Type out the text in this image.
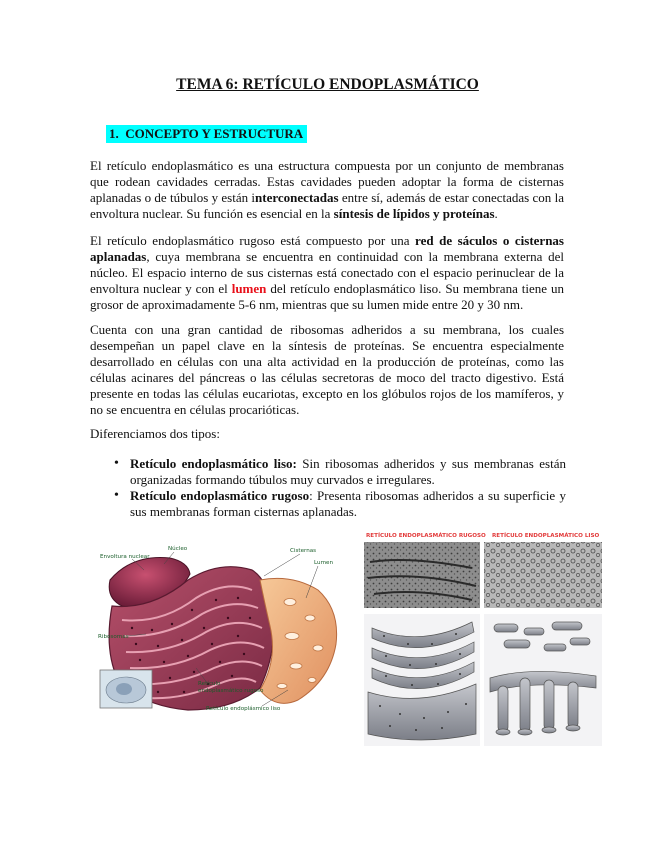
TEMA 6: RETÍCULO ENDOPLASMÁTICO
1. CONCEPTO Y ESTRUCTURA
El retículo endoplasmático es una estructura compuesta por un conjunto de membranas que rodean cavidades cerradas. Estas cavidades pueden adoptar la forma de cisternas aplanadas o de túbulos y están interconectadas entre sí, además de estar conectadas con la envoltura nuclear. Su función es esencial en la síntesis de lípidos y proteínas.
El retículo endoplasmático rugoso está compuesto por una red de sáculos o cisternas aplanadas, cuya membrana se encuentra en continuidad con la membrana externa del núcleo. El espacio interno de sus cisternas está conectado con el espacio perinuclear de la envoltura nuclear y con el lumen del retículo endoplasmático liso. Su membrana tiene un grosor de aproximadamente 5-6 nm, mientras que su lumen mide entre 20 y 30 nm.
Cuenta con una gran cantidad de ribosomas adheridos a su membrana, los cuales desempeñan un papel clave en la síntesis de proteínas. Se encuentra especialmente desarrollado en células con una alta actividad en la producción de proteínas, como las células acinares del páncreas o las células secretoras de moco del tracto digestivo. Está presente en todas las células eucariotas, excepto en los glóbulos rojos de los mamíferos, y no se encuentra en células procarióticas.
Diferenciamos dos tipos:
• Retículo endoplasmático liso: Sin ribosomas adheridos y sus membranas están organizadas formando túbulos muy curvados e irregulares.
• Retículo endoplasmático rugoso: Presenta ribosomas adheridos a su superficie y sus membranas forman cisternas aplanadas.
Envoltura nuclear
Núcleo	Cisternas
Lumen
Ribosomas
Retículo
endoplasmático rugoso
Retículo endoplásmico liso
RETÍCULO ENDOPLASMÁTICO RUGOSO RETÍCULO ENDOPLASMÁTICO LISO
